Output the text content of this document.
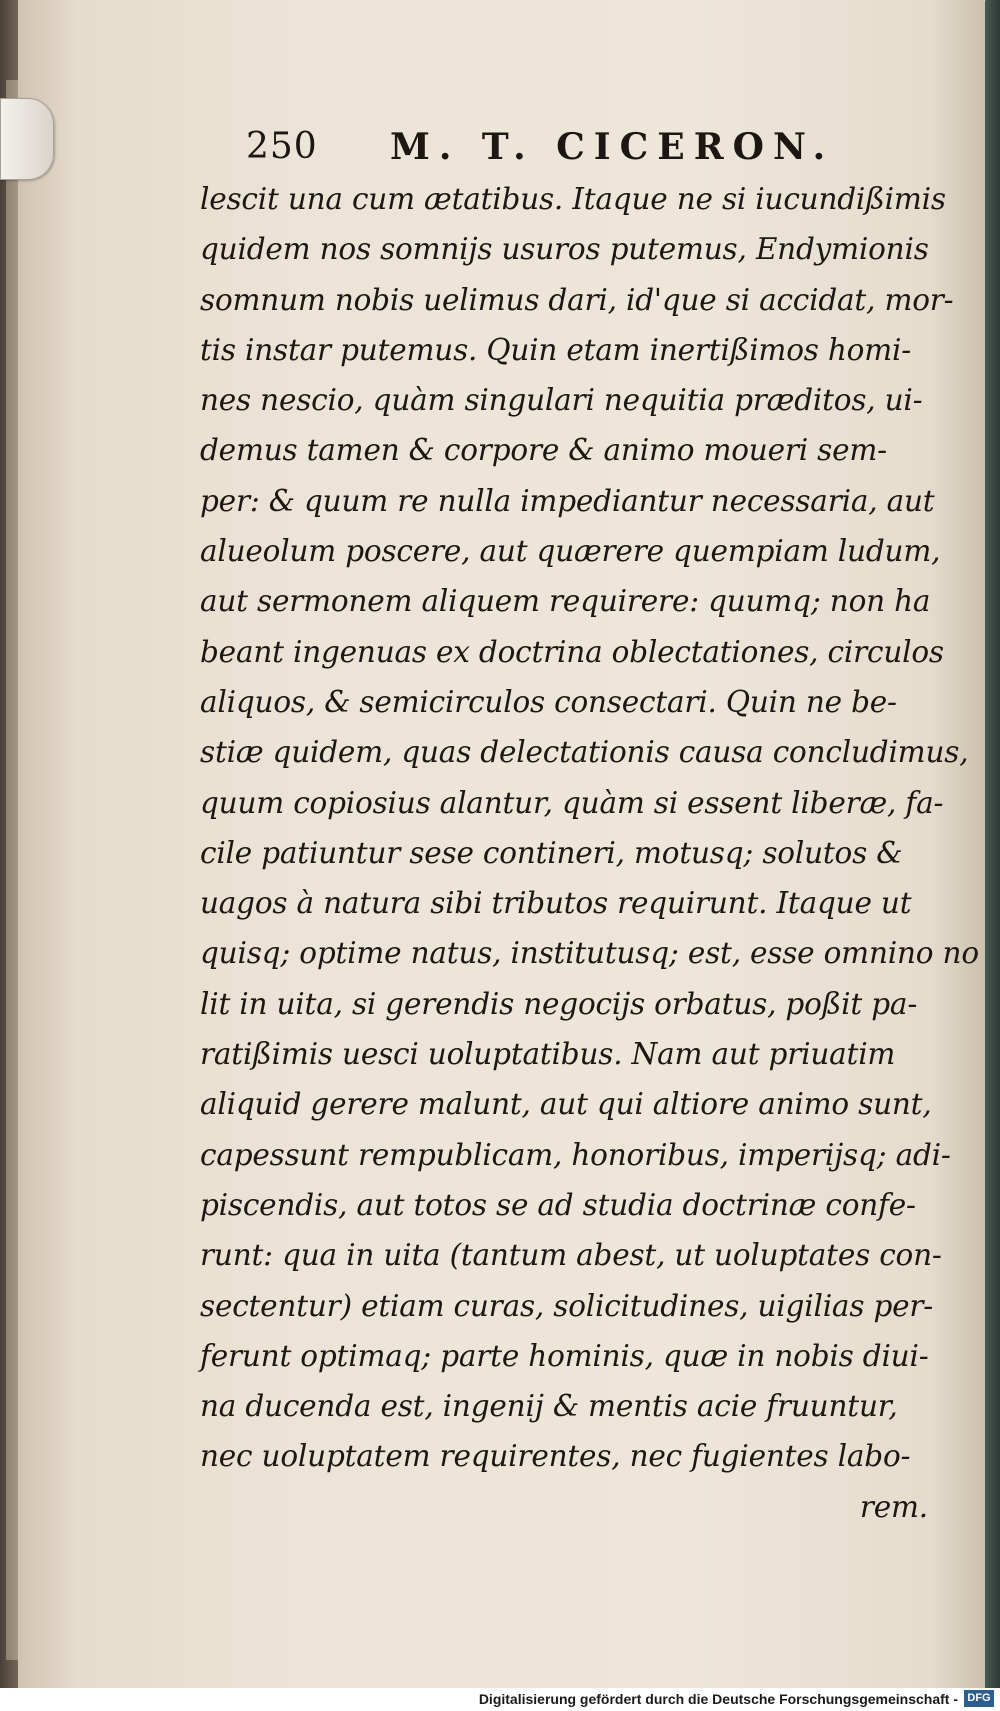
250 M. T. CICERON.
lescit una cum ætatibus. Itaque ne si iucundißimis
quidem nos somnijs usuros putemus, Endymionis
somnum nobis uelimus dari, id'que si accidat, mor-
tis instar putemus. Quin etam inertißimos homi-
nes nescio, quàm singulari nequitia præditos, ui-
demus tamen & corpore & animo moueri sem-
per: & quum re nulla impediantur necessaria, aut
alueolum poscere, aut quærere quempiam ludum,
aut sermonem aliquem requirere: quumq; non ha
beant ingenuas ex doctrina oblectationes, circulos
aliquos, & semicirculos consectari. Quin ne be-
stiæ quidem, quas delectationis causa concludimus,
quum copiosius alantur, quàm si essent liberæ, fa-
cile patiuntur sese contineri, motusq; solutos &
uagos à natura sibi tributos requirunt. Itaque ut
quisq; optime natus, institutusq; est, esse omnino no
lit in uita, si gerendis negocijs orbatus, poßit pa-
ratißimis uesci uoluptatibus. Nam aut priuatim
aliquid gerere malunt, aut qui altiore animo sunt,
capessunt rempublicam, honoribus, imperijsq; adi-
piscendis, aut totos se ad studia doctrinæ confe-
runt: qua in uita (tantum abest, ut uoluptates con-
sectentur) etiam curas, solicitudines, uigilias per-
ferunt optimaq; parte hominis, quæ in nobis diui-
na ducenda est, ingenij & mentis acie fruuntur,
nec uoluptatem requirentes, nec fugientes labo-
rem.
Digitalisierung gefördert durch die Deutsche Forschungsgemeinschaft - DFG
